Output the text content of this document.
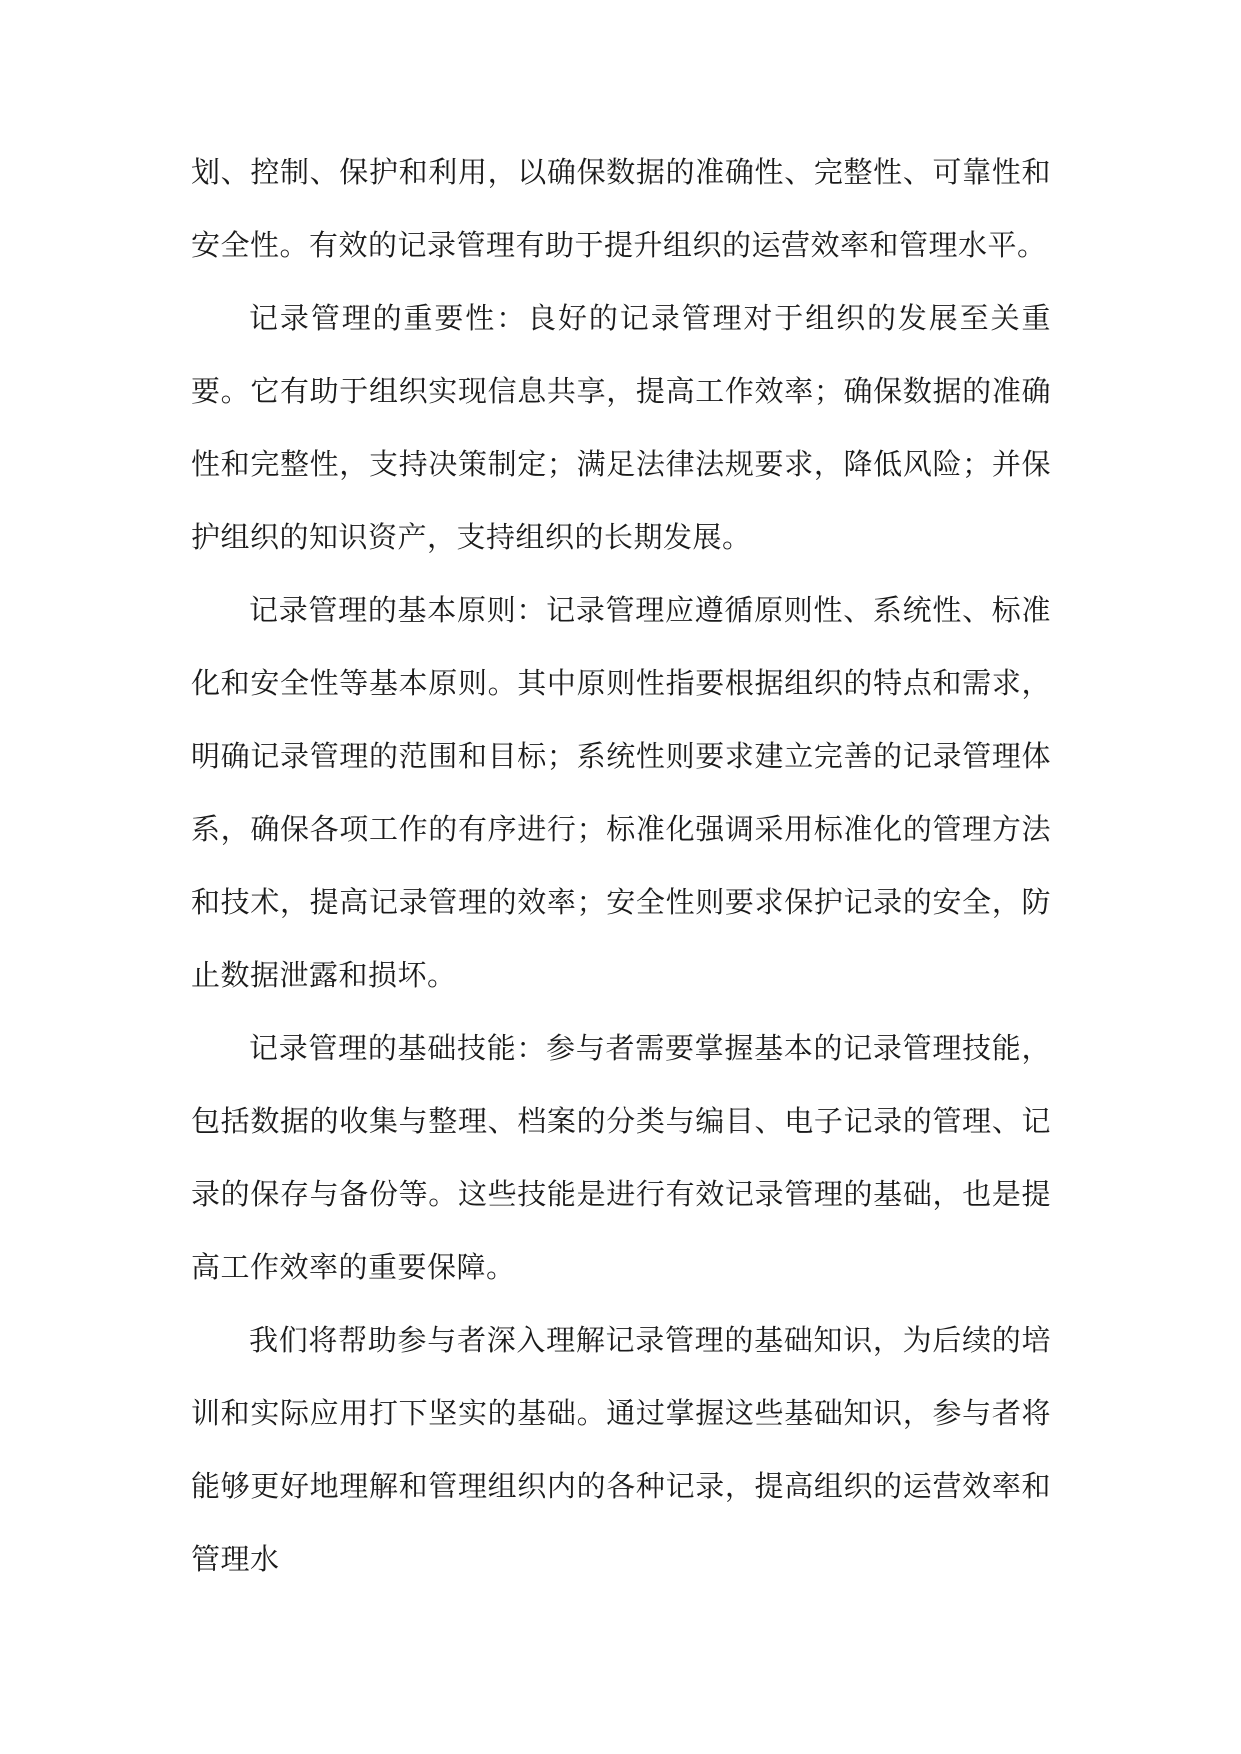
划、控制、保护和利用，以确保数据的准确性、完整性、可靠性和安全性。有效的记录管理有助于提升组织的运营效率和管理水平。

记录管理的重要性：良好的记录管理对于组织的发展至关重要。它有助于组织实现信息共享，提高工作效率；确保数据的准确性和完整性，支持决策制定；满足法律法规要求，降低风险；并保护组织的知识资产，支持组织的长期发展。

记录管理的基本原则：记录管理应遵循原则性、系统性、标准化和安全性等基本原则。其中原则性指要根据组织的特点和需求，明确记录管理的范围和目标；系统性则要求建立完善的记录管理体系，确保各项工作的有序进行；标准化强调采用标准化的管理方法和技术，提高记录管理的效率；安全性则要求保护记录的安全，防止数据泄露和损坏。

记录管理的基础技能：参与者需要掌握基本的记录管理技能，包括数据的收集与整理、档案的分类与编目、电子记录的管理、记录的保存与备份等。这些技能是进行有效记录管理的基础，也是提高工作效率的重要保障。

我们将帮助参与者深入理解记录管理的基础知识，为后续的培训和实际应用打下坚实的基础。通过掌握这些基础知识，参与者将能够更好地理解和管理组织内的各种记录，提高组织的运营效率和管理水
